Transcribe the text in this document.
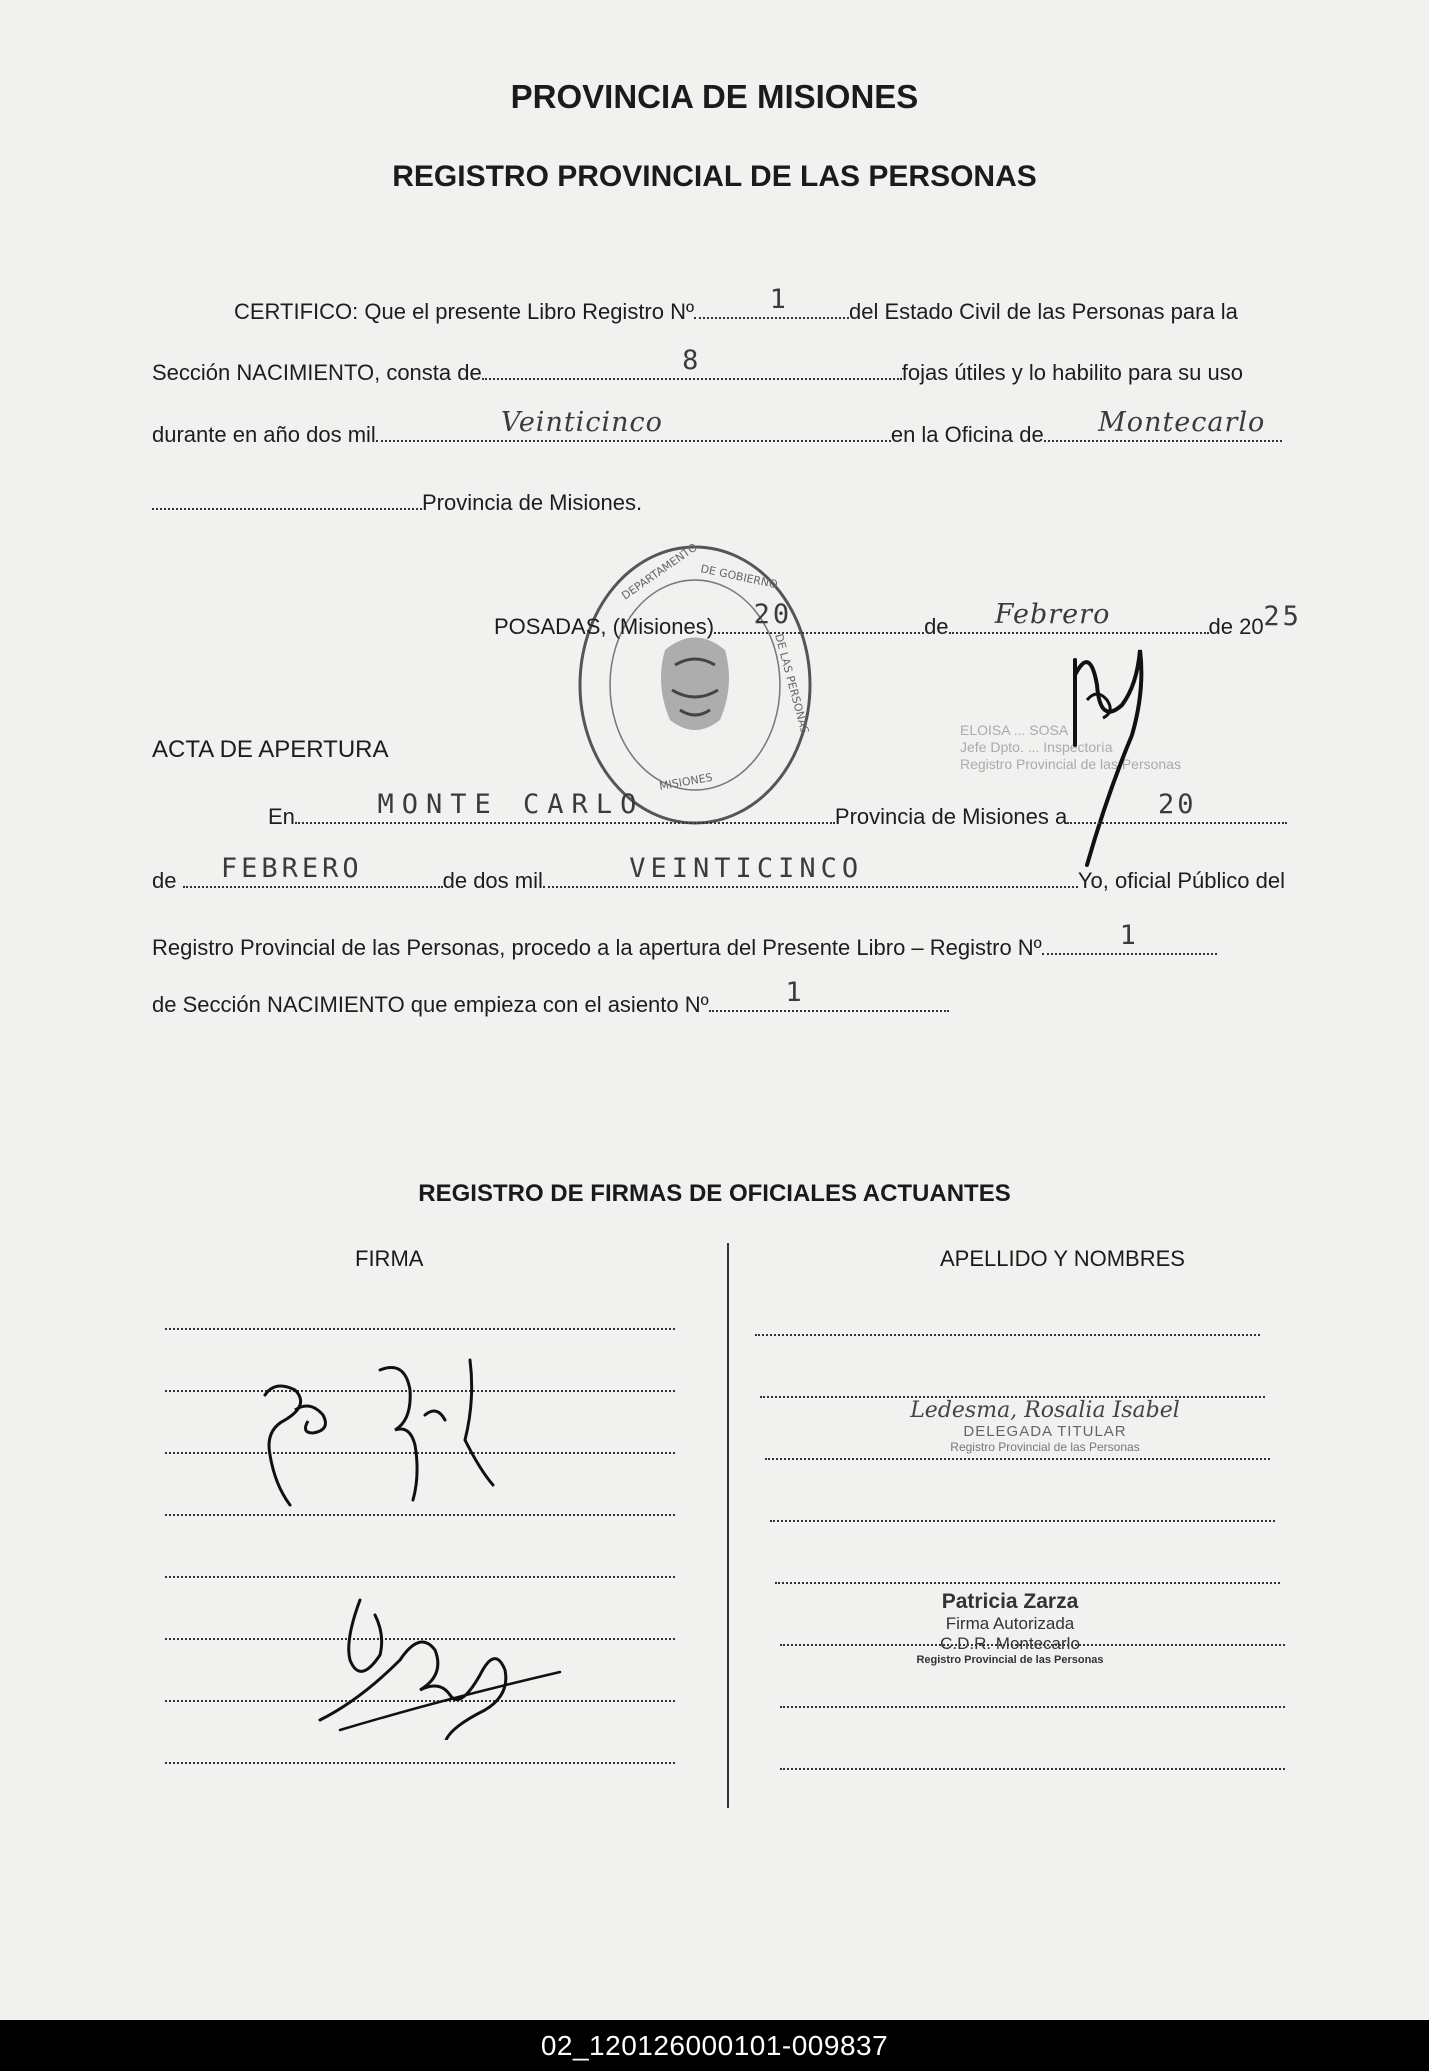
PROVINCIA DE MISIONES
REGISTRO PROVINCIAL DE LAS PERSONAS
CERTIFICO: Que el presente Libro Registro Nº	1	del Estado Civil de las Personas para la
Sección NACIMIENTO, consta de	8	fojas útiles y lo habilito para su uso
durante en año dos mil	Veinticinco	en la Oficina de Montecarlo
Provincia de Misiones.
DEPARTAMENTO DE GOBIERNO
DE LAS PERSONAS
MISIONES
POSADAS, (Misiones) 20	de Febrero	de 20 25
ELOISA ... SOSA
Jefe Dpto. ... Inspectoría
Registro Provincial de las Personas
ACTA DE APERTURA
En	MONTE CARLO	Provincia de Misiones a	20
de FEBRERO	de dos mil	VEINTICINCO	Yo, oficial Público del
Registro Provincial de las Personas, procedo a la apertura del Presente Libro – Registro Nº	1
de Sección NACIMIENTO que empieza con el asiento Nº	1
REGISTRO DE FIRMAS DE OFICIALES ACTUANTES
FIRMA	APELLIDO Y NOMBRES
Ledesma, Rosalia Isabel
DELEGADA TITULAR
Registro Provincial de las Personas
Patricia Zarza
Firma Autorizada
C.D.R. Montecarlo
Registro Provincial de las Personas
02_120126000101-009837
